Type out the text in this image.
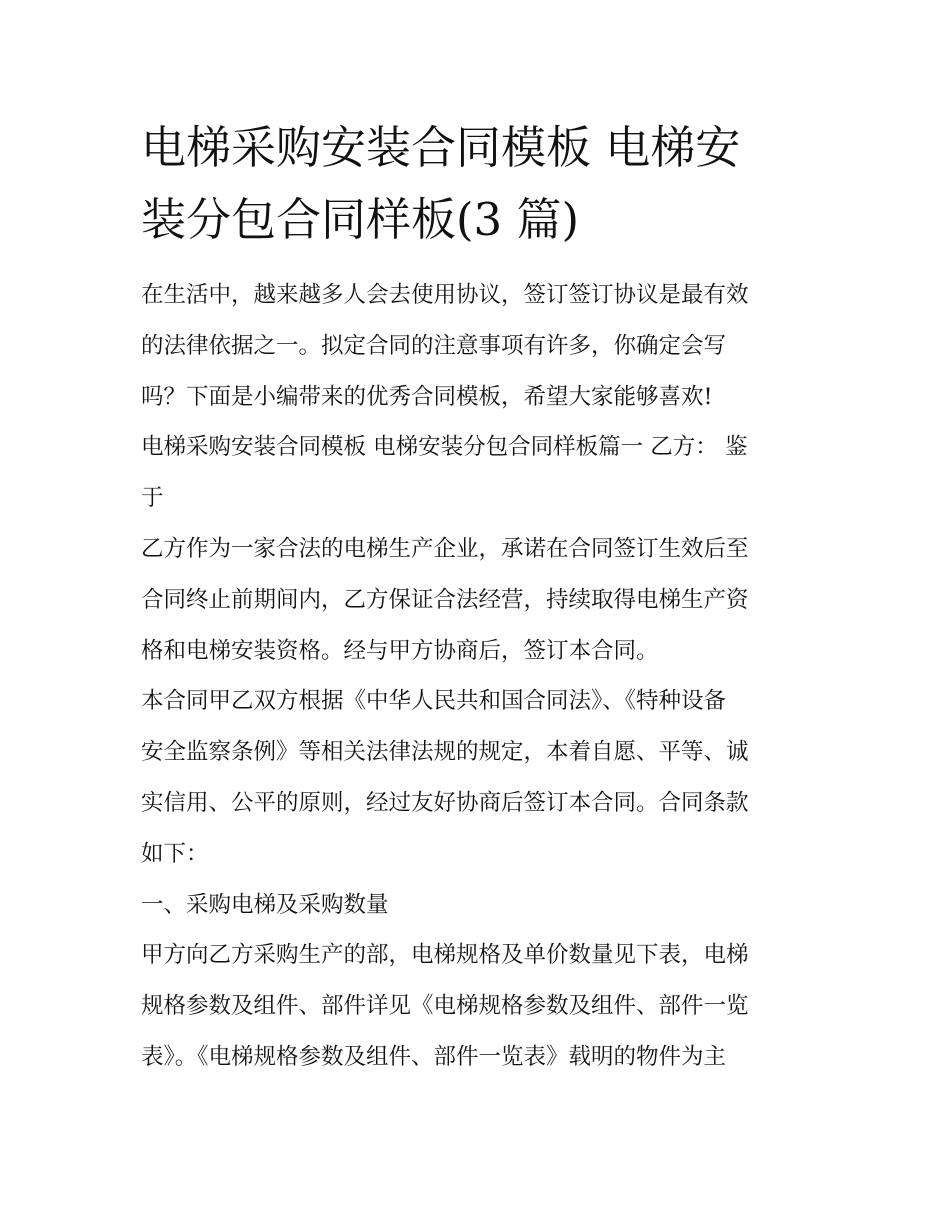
电梯采购安装合同模板 电梯安
装分包合同样板(3 篇)
在生活中，越来越多人会去使用协议，签订签订协议是最有效
的法律依据之一。拟定合同的注意事项有许多，你确定会写
吗？下面是小编带来的优秀合同模板，希望大家能够喜欢!
电梯采购安装合同模板 电梯安装分包合同样板篇一 乙方： 鉴
于
乙方作为一家合法的电梯生产企业，承诺在合同签订生效后至
合同终止前期间内，乙方保证合法经营，持续取得电梯生产资
格和电梯安装资格。经与甲方协商后，签订本合同。
本合同甲乙双方根据《中华人民共和国合同法》、《特种设备
安全监察条例》等相关法律法规的规定，本着自愿、平等、诚
实信用、公平的原则，经过友好协商后签订本合同。合同条款
如下：
一、采购电梯及采购数量
甲方向乙方采购生产的部，电梯规格及单价数量见下表，电梯
规格参数及组件、部件详见《电梯规格参数及组件、部件一览
表》。《电梯规格参数及组件、部件一览表》载明的物件为主
